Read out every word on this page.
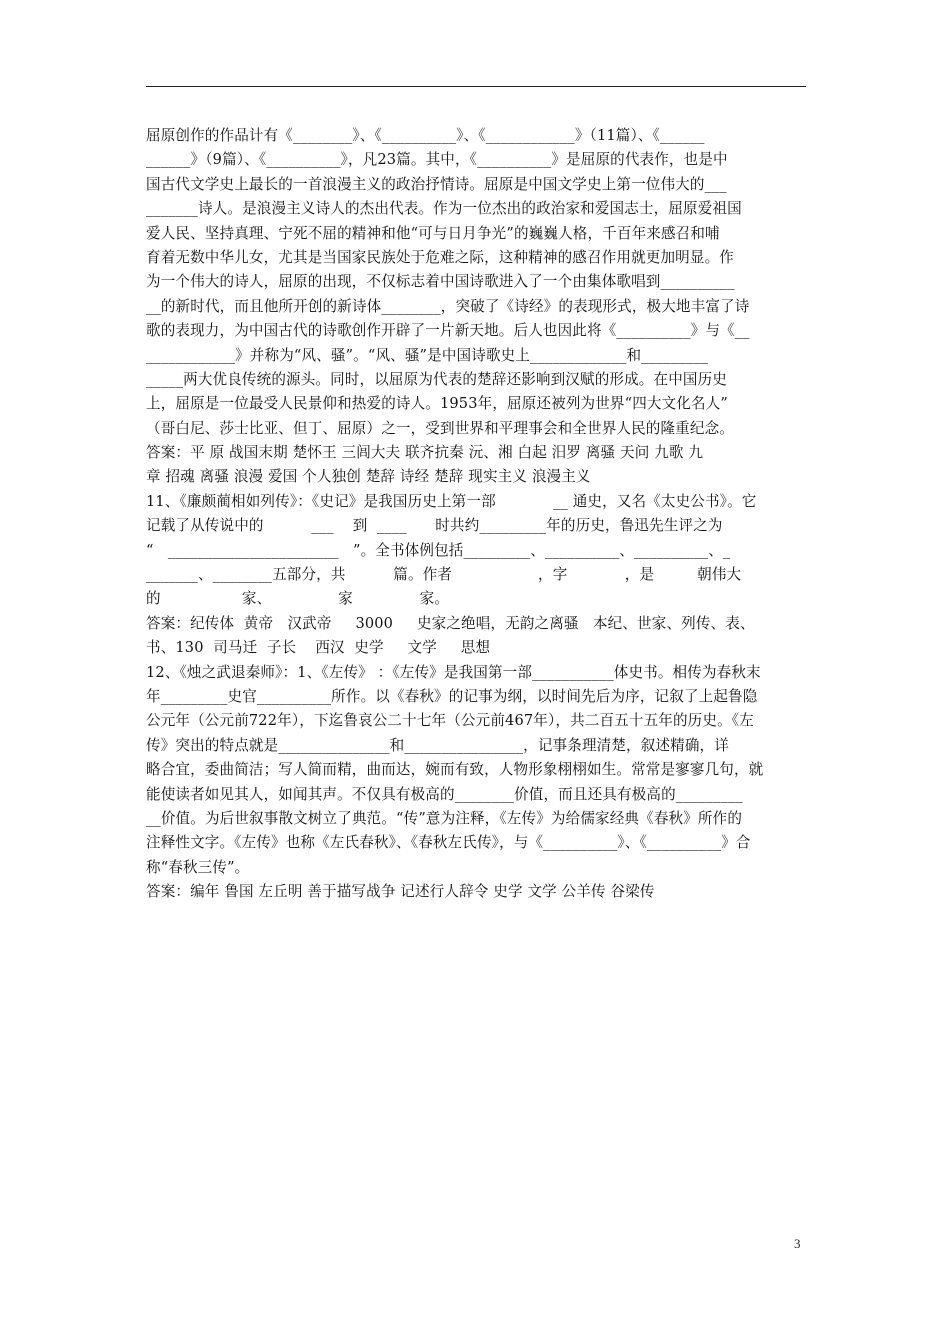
屈原创作的作品计有《________》、《__________》、《____________》（11篇）、《______
______》（9篇）、《__________》，凡23篇。其中，《__________》是屈原的代表作，也是中
国古代文学史上最长的一首浪漫主义的政治抒情诗。屈原是中国文学史上第一位伟大的___
_______诗人。是浪漫主义诗人的杰出代表。作为一位杰出的政治家和爱国志士，屈原爱祖国
爱人民、坚持真理、宁死不屈的精神和他“可与日月争光”的巍巍人格，千百年来感召和哺
育着无数中华儿女，尤其是当国家民族处于危难之际，这种精神的感召作用就更加明显。作
为一个伟大的诗人，屈原的出现，不仅标志着中国诗歌进入了一个由集体歌唱到__________
__的新时代，而且他所开创的新诗体________，突破了《诗经》的表现形式，极大地丰富了诗
歌的表现力，为中国古代的诗歌创作开辟了一片新天地。后人也因此将《__________》与《__
____________》并称为“风、骚”。“风、骚”是中国诗歌史上_____________和_________
_____两大优良传统的源头。同时，以屈原为代表的楚辞还影响到汉赋的形成。在中国历史
上，屈原是一位最受人民景仰和热爱的诗人。1953年，屈原还被列为世界“四大文化名人”
（哥白尼、莎士比亚、但丁、屈原）之一，受到世界和平理事会和全世界人民的隆重纪念。
答案：平 原 战国末期 楚怀王 三闾大夫 联齐抗秦 沅、湘 白起 汨罗 离骚 天问 九歌 九
章 招魂 离骚 浪漫 爱国 个人独创 楚辞 诗经 楚辞 现实主义 浪漫主义
11、《廉颇蔺相如列传》：《史记》是我国历史上第一部            __ 通史，又名《太史公书》。它
记载了从传说中的          ___    到  ____      时共约_________年的历史，鲁迅先生评之为
“   _______________________   ”。全书体例包括_________、__________、__________、_
_______、________五部分，共          篇。作者                  ，字            ，是         朝伟大
的                 家、              家              家。
答案：纪传体  黄帝   汉武帝     3000     史家之绝唱，无韵之离骚   本纪、世家、列传、表、
书、130  司马迁  子长    西汉  史学     文学     思想
12、《烛之武退秦师》：1、《左传》 ：《左传》是我国第一部___________体史书。相传为春秋末
年_________史官__________所作。以《春秋》的记事为纲，以时间先后为序，记叙了上起鲁隐
公元年（公元前722年），下迄鲁哀公二十七年（公元前467年），共二百五十五年的历史。《左
传》突出的特点就是_______________和________________，记事条理清楚，叙述精确，详
略合宜，委曲简洁；写人简而精，曲而达，婉而有致，人物形象栩栩如生。常常是寥寥几句，就
能使读者如见其人，如闻其声。不仅具有极高的________价值，而且还具有极高的_________
__价值。为后世叙事散文树立了典范。“传”意为注释，《左传》为给儒家经典《春秋》所作的
注释性文字。《左传》也称《左氏春秋》、《春秋左氏传》，与《__________》、《__________》合
称“春秋三传”。
答案：编年 鲁国 左丘明 善于描写战争 记述行人辞令 史学 文学 公羊传 谷梁传
3
